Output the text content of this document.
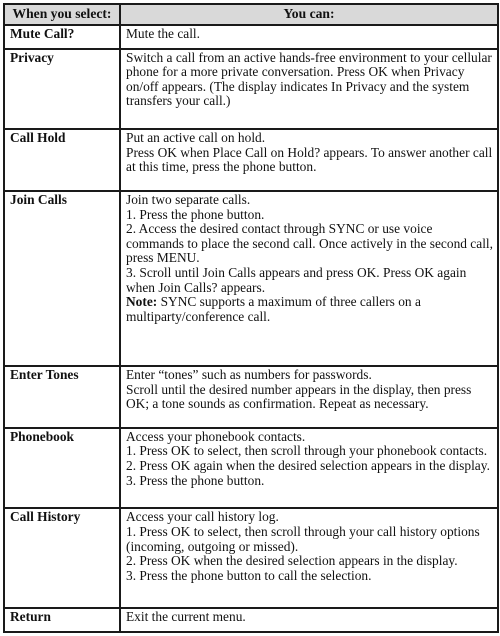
When you select:	You can:
Mute Call?	Mute the call.

Privacy	Switch a call from an active hands-free environment to your cellular phone for a more private conversation. Press OK when Privacy on/off appears. (The display indicates In Privacy and the system transfers your call.)

Call Hold	Put an active call on hold.
Press OK when Place Call on Hold? appears. To answer another call at this time, press the phone button.

Join Calls	Join two separate calls.
1. Press the phone button.
2. Access the desired contact through SYNC or use voice commands to place the second call. Once actively in the second call, press MENU.
3. Scroll until Join Calls appears and press OK. Press OK again when Join Calls? appears.
Note: SYNC supports a maximum of three callers on a multiparty/conference call.

Enter Tones	Enter “tones” such as numbers for passwords.
Scroll until the desired number appears in the display, then press OK; a tone sounds as confirmation. Repeat as necessary.

Phonebook	Access your phonebook contacts.
1. Press OK to select, then scroll through your phonebook contacts.
2. Press OK again when the desired selection appears in the display.
3. Press the phone button.

Call History	Access your call history log.
1. Press OK to select, then scroll through your call history options (incoming, outgoing or missed).
2. Press OK when the desired selection appears in the display.
3. Press the phone button to call the selection.

Return	Exit the current menu.
